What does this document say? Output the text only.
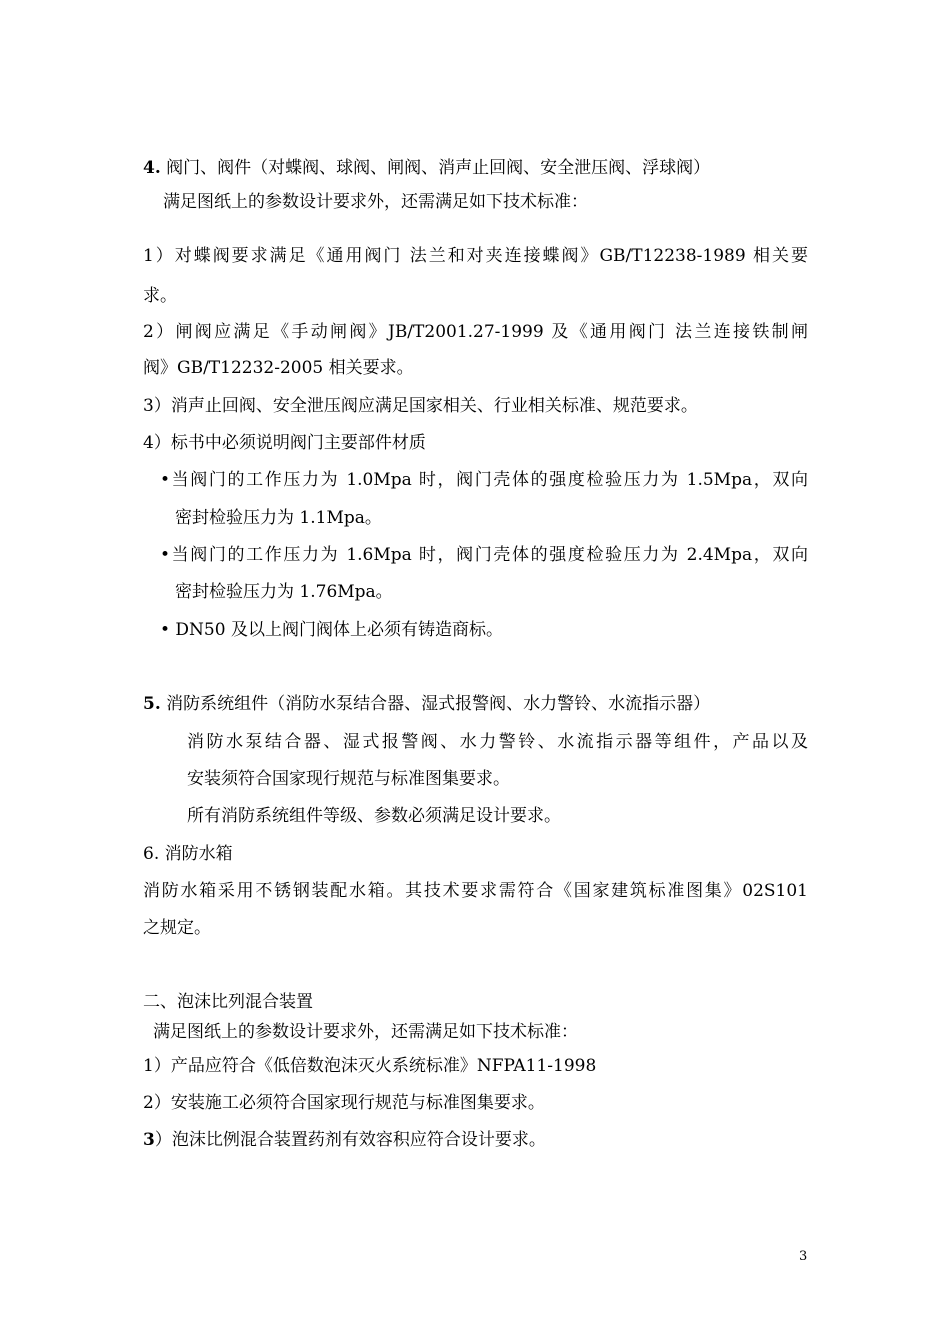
4. 阀门、阀件（对蝶阀、球阀、闸阀、消声止回阀、安全泄压阀、浮球阀）
满足图纸上的参数设计要求外，还需满足如下技术标准：
1）对蝶阀要求满足《通用阀门 法兰和对夹连接蝶阀》GB/T12238-1989 相关要
求。
2）闸阀应满足《手动闸阀》JB/T2001.27-1999 及《通用阀门 法兰连接铁制闸
阀》GB/T12232-2005 相关要求。
3）消声止回阀、安全泄压阀应满足国家相关、行业相关标准、规范要求。
4）标书中必须说明阀门主要部件材质
•当阀门的工作压力为 1.0Mpa 时，阀门壳体的强度检验压力为 1.5Mpa，双向
密封检验压力为 1.1Mpa。
•当阀门的工作压力为 1.6Mpa 时，阀门壳体的强度检验压力为 2.4Mpa，双向
密封检验压力为 1.76Mpa。
• DN50 及以上阀门阀体上必须有铸造商标。
5. 消防系统组件（消防水泵结合器、湿式报警阀、水力警铃、水流指示器）
消防水泵结合器、湿式报警阀、水力警铃、水流指示器等组件，产品以及
安装须符合国家现行规范与标准图集要求。
所有消防系统组件等级、参数必须满足设计要求。
6. 消防水箱
消防水箱采用不锈钢装配水箱。其技术要求需符合《国家建筑标准图集》02S101
之规定。
二、泡沫比列混合装置
满足图纸上的参数设计要求外，还需满足如下技术标准：
1）产品应符合《低倍数泡沫灭火系统标准》NFPA11-1998
2）安装施工必须符合国家现行规范与标准图集要求。
3）泡沫比例混合装置药剂有效容积应符合设计要求。
3
